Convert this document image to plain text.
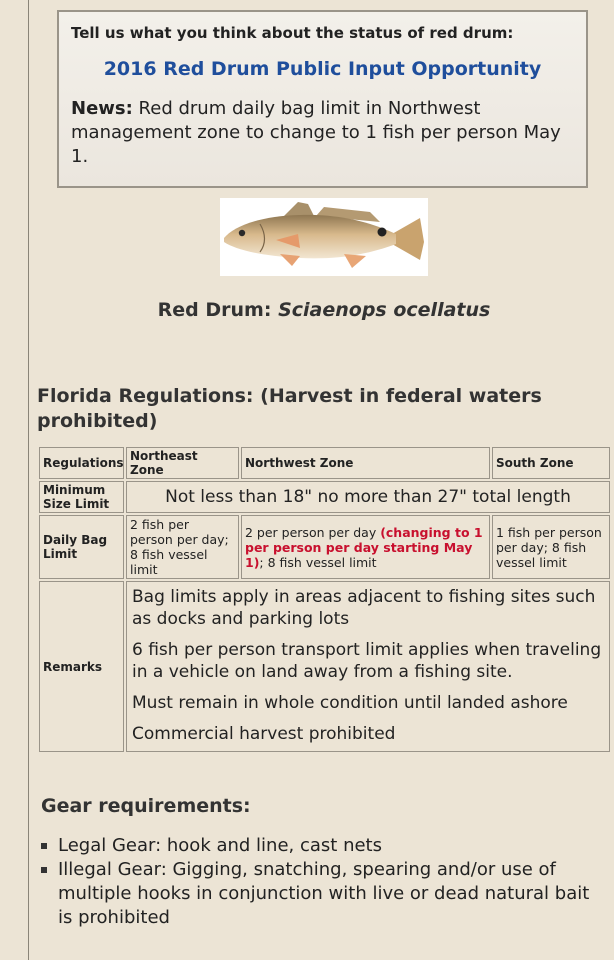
Tell us what you think about the status of red drum:
2016 Red Drum Public Input Opportunity
News: Red drum daily bag limit in Northwest management zone to change to 1 fish per person May 1.
Red Drum: Sciaenops ocellatus
Florida Regulations: (Harvest in federal waters prohibited)
Regulations	Northeast Zone	Northwest Zone	South Zone
Minimum Size Limit	Not less than 18" no more than 27" total length		
Daily Bag Limit	2 fish per person per day; 8 fish vessel limit	2 per person per day (changing to 1 per person per day starting May 1); 8 fish vessel limit	1 fish per person per day; 8 fish vessel limit
Remarks	Bag limits apply in areas adjacent to fishing sites such as docks and parking lots

6 fish per person transport limit applies when traveling in a vehicle on land away from a fishing site.

Must remain in whole condition until landed ashore

Commercial harvest prohibited		

Gear requirements:
Legal Gear: hook and line, cast nets
Illegal Gear: Gigging, snatching, spearing and/or use of multiple hooks in conjunction with live or dead natural bait is prohibited
